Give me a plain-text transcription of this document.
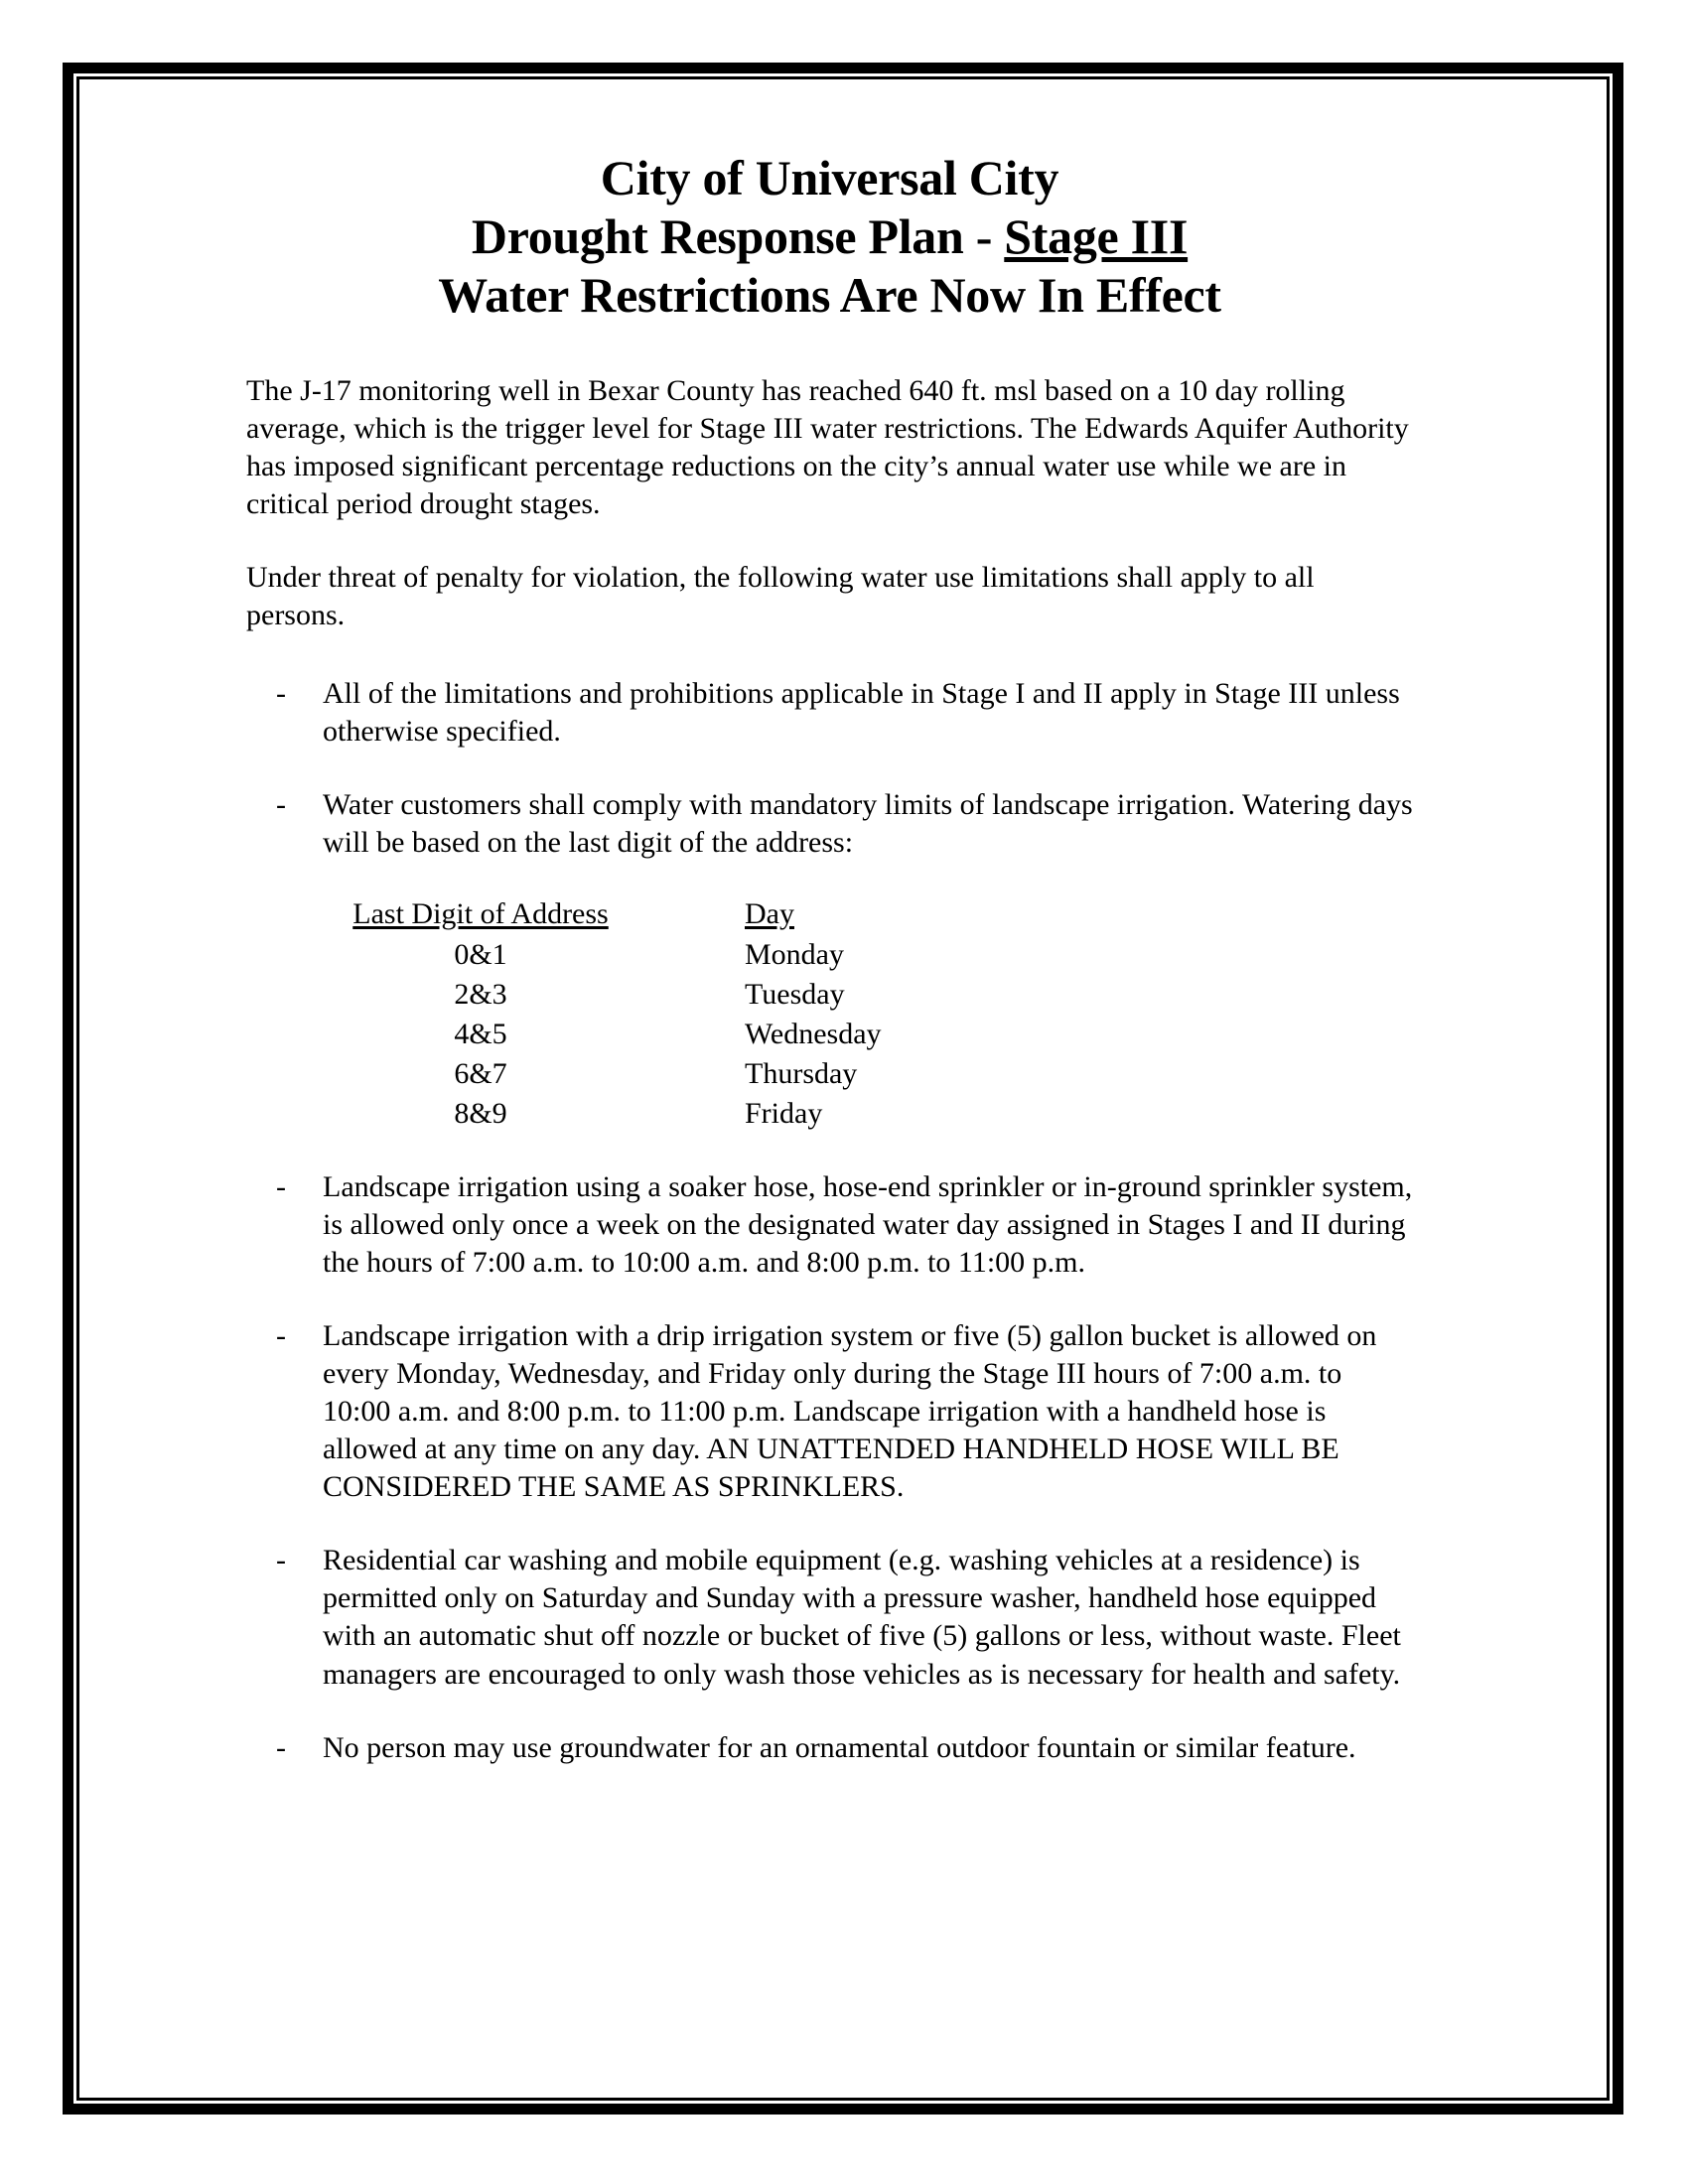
City of Universal City
Drought Response Plan - Stage III
Water Restrictions Are Now In Effect

The J-17 monitoring well in Bexar County has reached 640 ft. msl based on a 10 day rolling average, which is the trigger level for Stage III water restrictions. The Edwards Aquifer Authority has imposed significant percentage reductions on the city’s annual water use while we are in critical period drought stages.

Under threat of penalty for violation, the following water use limitations shall apply to all persons.

- All of the limitations and prohibitions applicable in Stage I and II apply in Stage III unless otherwise specified.
- Water customers shall comply with mandatory limits of landscape irrigation. Watering days will be based on the last digit of the address:
Last Digit of Address	Day
0&1	Monday
2&3	Tuesday
4&5	Wednesday
6&7	Thursday
8&9	Friday
- Landscape irrigation using a soaker hose, hose-end sprinkler or in-ground sprinkler system, is allowed only once a week on the designated water day assigned in Stages I and II during the hours of 7:00 a.m. to 10:00 a.m. and 8:00 p.m. to 11:00 p.m.
- Landscape irrigation with a drip irrigation system or five (5) gallon bucket is allowed on every Monday, Wednesday, and Friday only during the Stage III hours of 7:00 a.m. to 10:00 a.m. and 8:00 p.m. to 11:00 p.m. Landscape irrigation with a handheld hose is allowed at any time on any day. AN UNATTENDED HANDHELD HOSE WILL BE CONSIDERED THE SAME AS SPRINKLERS.
- Residential car washing and mobile equipment (e.g. washing vehicles at a residence) is permitted only on Saturday and Sunday with a pressure washer, handheld hose equipped with an automatic shut off nozzle or bucket of five (5) gallons or less, without waste. Fleet managers are encouraged to only wash those vehicles as is necessary for health and safety.
- No person may use groundwater for an ornamental outdoor fountain or similar feature.
